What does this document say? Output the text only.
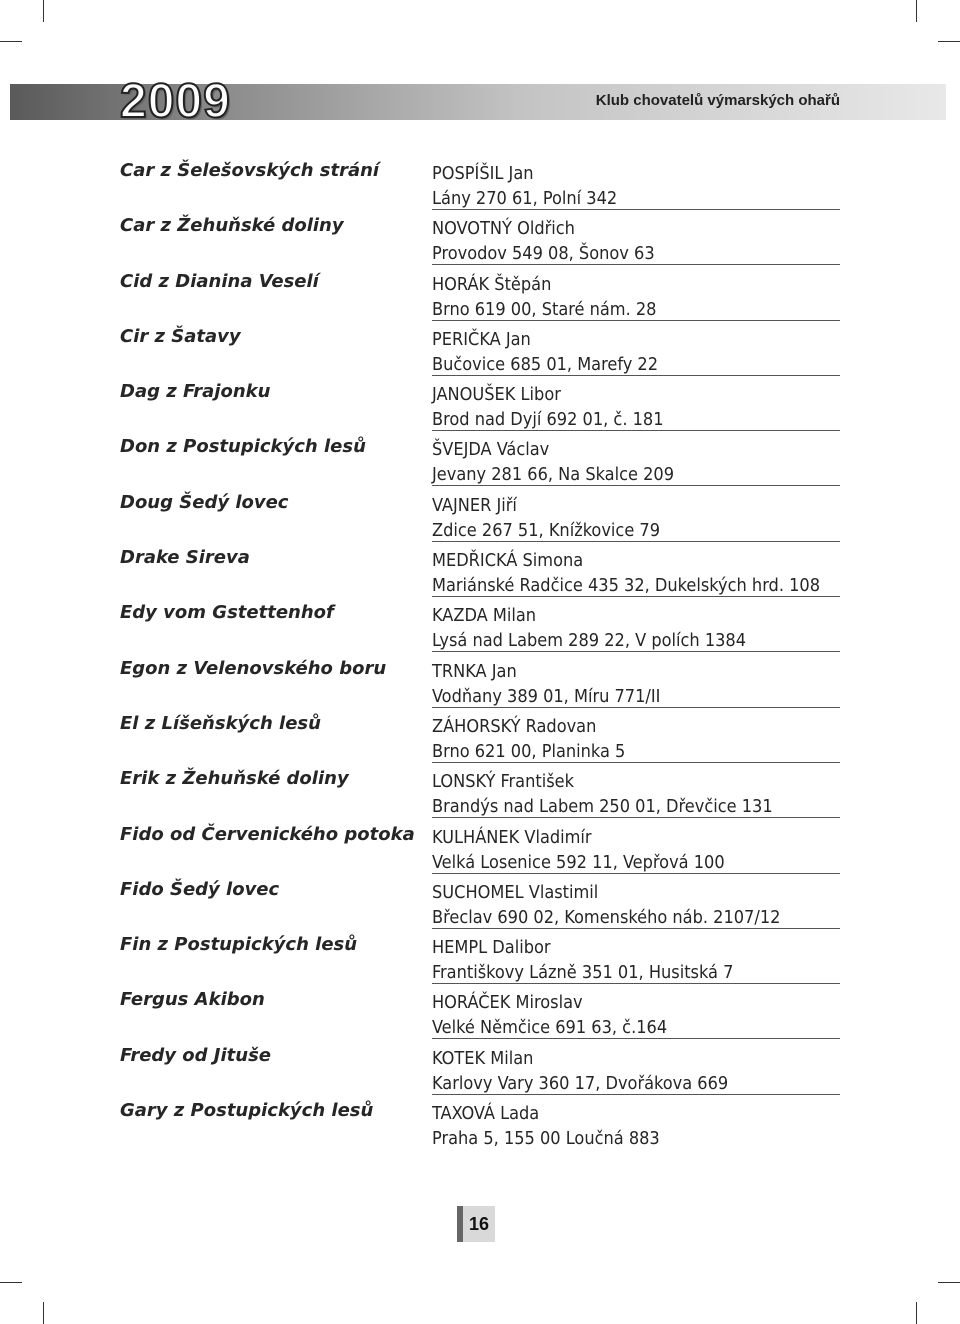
2009	Klub chovatelů výmarských ohařů
Car z Šelešovských strání	POSPÍŠIL Jan
Lány 270 61, Polní 342
Car z Žehuňské doliny	NOVOTNÝ Oldřich
Provodov 549 08, Šonov 63
Cid z Dianina Veselí	HORÁK Štěpán
Brno 619 00, Staré nám. 28
Cir z Šatavy	PERIČKA Jan
Bučovice 685 01, Marefy 22
Dag z Frajonku	JANOUŠEK Libor
Brod nad Dyjí 692 01, č. 181
Don z Postupických lesů	ŠVEJDA Václav
Jevany 281 66, Na Skalce 209
Doug Šedý lovec	VAJNER Jiří
Zdice 267 51, Knížkovice 79
Drake Sireva	MEDŘICKÁ Simona
Mariánské Radčice 435 32, Dukelských hrd. 108
Edy vom Gstettenhof	KAZDA Milan
Lysá nad Labem 289 22, V polích 1384
Egon z Velenovského boru	TRNKA Jan
Vodňany 389 01, Míru 771/II
El z Líšeňských lesů	ZÁHORSKÝ Radovan
Brno 621 00, Planinka 5
Erik z Žehuňské doliny	LONSKÝ František
Brandýs nad Labem 250 01, Dřevčice 131
Fido od Červenického potoka KULHÁNEK Vladimír
Velká Losenice 592 11, Vepřová 100
Fido Šedý lovec	SUCHOMEL Vlastimil
Břeclav 690 02, Komenského náb. 2107/12
Fin z Postupických lesů	HEMPL Dalibor
Františkovy Lázně 351 01, Husitská 7
Fergus Akibon	HORÁČEK Miroslav
Velké Němčice 691 63, č.164
Fredy od Jituše	KOTEK Milan
Karlovy Vary 360 17, Dvořákova 669
Gary z Postupických lesů	TAXOVÁ Lada
Praha 5, 155 00 Loučná 883
16
